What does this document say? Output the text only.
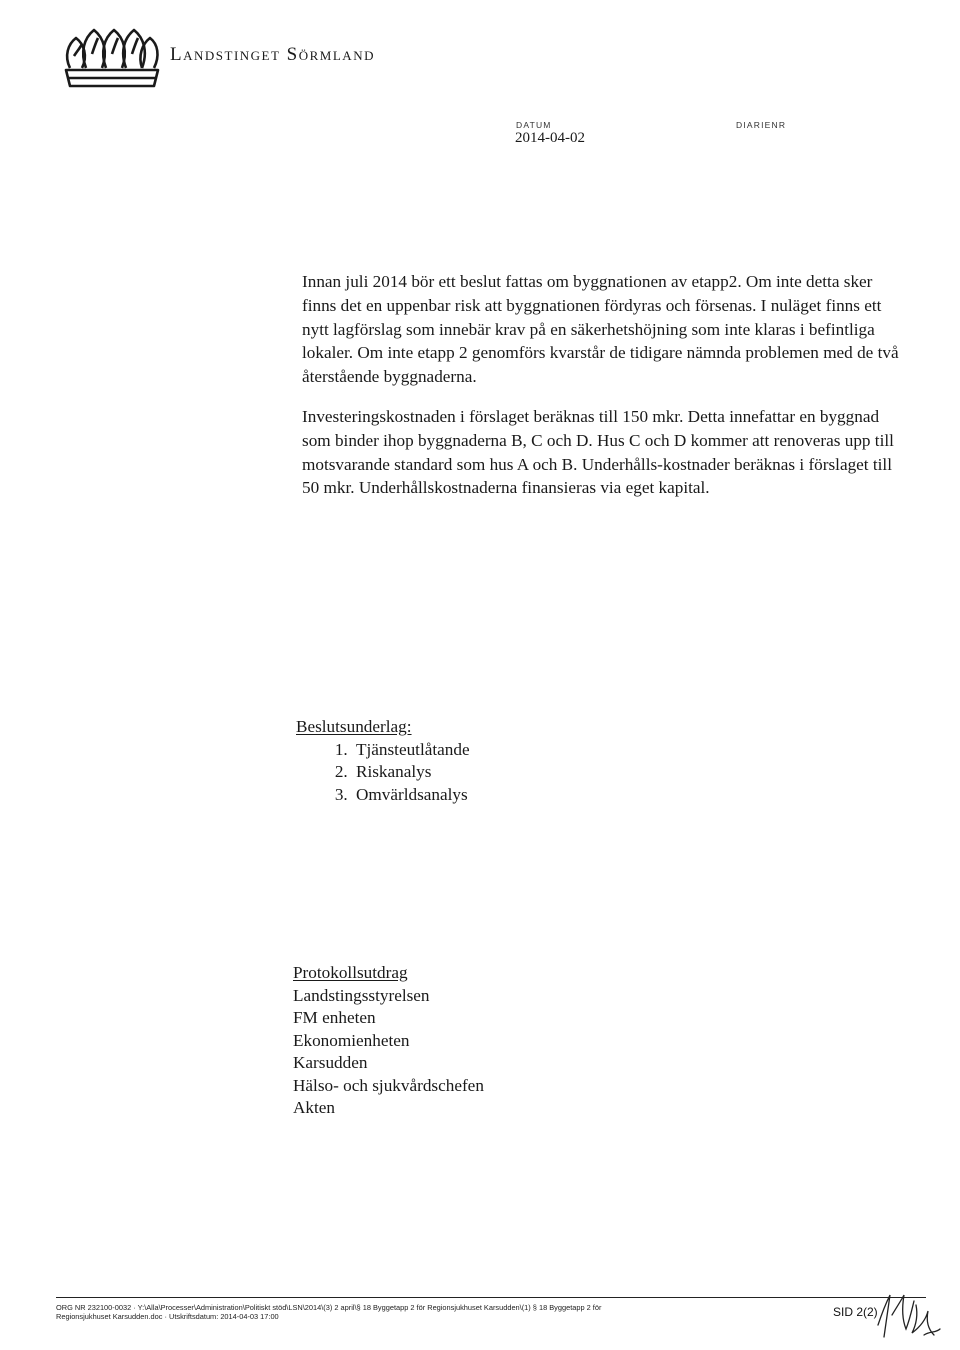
Landstinget Sörmland
DATUM	DIARIENR
2014-04-02

Innan juli 2014 bör ett beslut fattas om byggnationen av etapp2. Om inte detta sker finns det en uppenbar risk att byggnationen fördyras och försenas. I nuläget finns ett nytt lagförslag som innebär krav på en säkerhetshöjning som inte klaras i befintliga lokaler. Om inte etapp 2 genomförs kvarstår de tidigare nämnda problemen med de två återstående byggnaderna.

Investeringskostnaden i förslaget beräknas till 150 mkr. Detta innefattar en byggnad som binder ihop byggnaderna B, C och D. Hus C och D kommer att renoveras upp till motsvarande standard som hus A och B. Underhålls-kostnader beräknas i förslaget till 50 mkr. Underhållskostnaderna finansieras via eget kapital.

Beslutsunderlag:
1. Tjänsteutlåtande
2. Riskanalys
3. Omvärldsanalys
Protokollsutdrag
Landstingsstyrelsen
FM enheten
Ekonomienheten
Karsudden
Hälso- och sjukvårdschefen
Akten
ORG NR 232100-0032 · Y:\Alla\Processer\Administration\Politiskt stöd\LSN\2014\(3) 2 april\§ 18 Byggetapp 2 för Regionsjukhuset Karsudden\(1) § 18 Byggetapp 2 för
Regionsjukhuset Karsudden.doc · Utskriftsdatum: 2014-04-03 17:00	SID 2(2)
